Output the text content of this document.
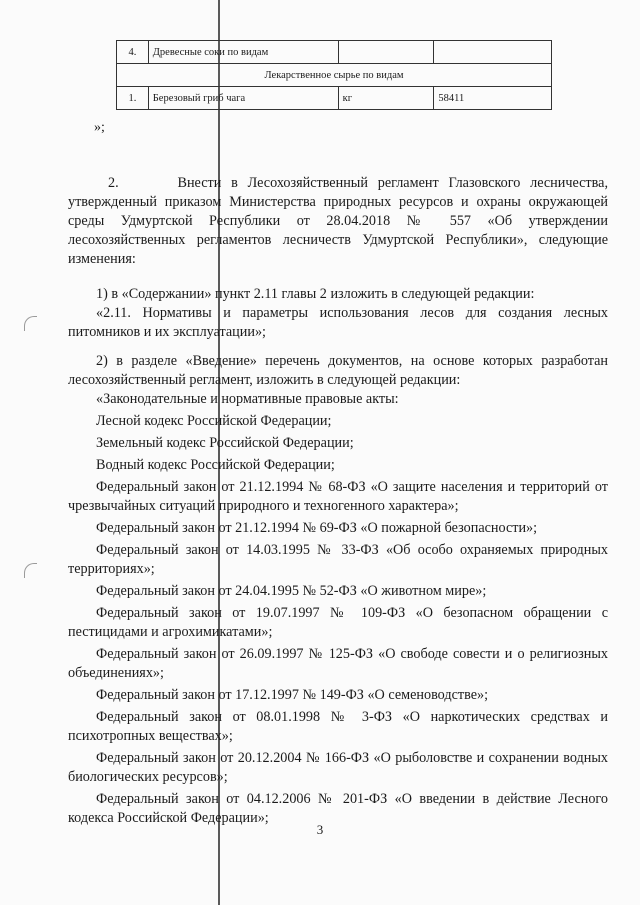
4.	Древесные соки по видам		
Лекарственное сырье по видам			
1.	Березовый гриб чага	кг	58411
»;

2.      Внести в Лесохозяйственный регламент Глазовского лесничества, утвержденный приказом Министерства природных ресурсов и охраны окружающей среды Удмуртской Республики от 28.04.2018 № 557 «Об утверждении лесохозяйственных регламентов лесничеств Удмуртской Республики», следующие изменения:

1) в «Содержании» пункт 2.11 главы 2 изложить в следующей редакции:

«2.11. Нормативы и параметры использования лесов для создания лесных питомников и их эксплуатации»;

2) в разделе «Введение» перечень документов, на основе которых разработан лесохозяйственный регламент, изложить в следующей редакции:

«Законодательные и нормативные правовые акты:

Лесной кодекс Российской Федерации;

Земельный кодекс Российской Федерации;

Водный кодекс Российской Федерации;

Федеральный закон от 21.12.1994 № 68-ФЗ «О защите населения и территорий от чрезвычайных ситуаций природного и техногенного характера»;

Федеральный закон от 21.12.1994 № 69-ФЗ «О пожарной безопасности»;

Федеральный закон от 14.03.1995 № 33-ФЗ «Об особо охраняемых природных территориях»;

Федеральный закон от 24.04.1995 № 52-ФЗ «О животном мире»;

Федеральный закон от 19.07.1997 № 109-ФЗ «О безопасном обращении с пестицидами и агрохимикатами»;

Федеральный закон от 26.09.1997 № 125-ФЗ «О свободе совести и о религиозных объединениях»;

Федеральный закон от 17.12.1997 № 149-ФЗ «О семеноводстве»;

Федеральный закон от 08.01.1998 № 3-ФЗ «О наркотических средствах и психотропных веществах»;

Федеральный закон от 20.12.2004 № 166-ФЗ «О рыболовстве и сохранении водных биологических ресурсов»;

Федеральный закон от 04.12.2006 № 201-ФЗ «О введении в действие Лесного кодекса Российской Федерации»;

3
